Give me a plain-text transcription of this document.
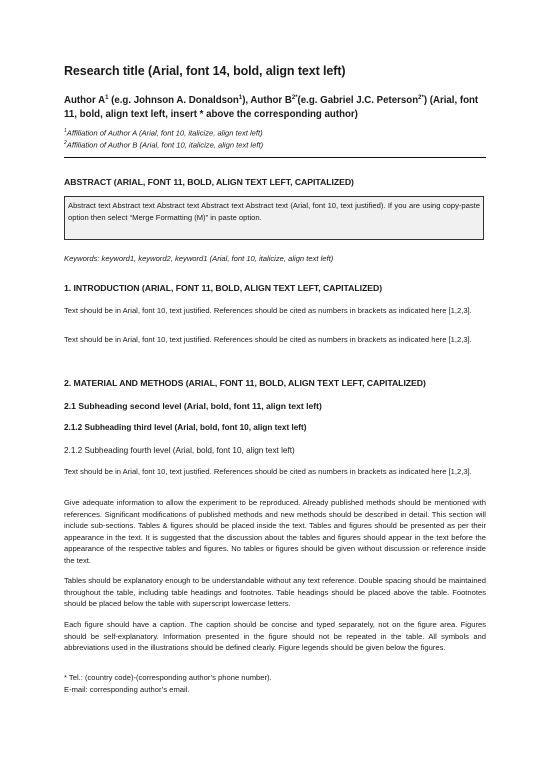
Research title (Arial, font 14, bold, align text left)
Author $A^1$ (e.g. Johnson A. Donaldson$^1$), Author $B^{2*}(e.g$. Gabriel J.C. Peterson$^{2*}$) (Arial, font 11, bold, align text left, insert * above the corresponding author)
$^1$Affiliation of Author A (Arial, font 10, italicize, align text left)
$^2$Affiliation of Author B (Arial, font 10, italicize, align text left)
ABSTRACT (ARIAL, FONT 11, BOLD, ALIGN TEXT LEFT, CAPITALIZED)
Abstract text Abstract text Abstract text Abstract text Abstract text (Arial, font 10, text justified). If you are using copy-paste option then select “Merge Formatting (M)” in paste option.
Keywords: keyword1, keyword2, keyword1 (Arial, font 10, italicize, align text left)
1. INTRODUCTION (ARIAL, FONT 11, BOLD, ALIGN TEXT LEFT, CAPITALIZED)
Text should be in Arial, font 10, text justified. References should be cited as numbers in brackets as indicated here [1,2,3].
Text should be in Arial, font 10, text justified. References should be cited as numbers in brackets as indicated here [1,2,3].
2. MATERIAL AND METHODS (ARIAL, FONT 11, BOLD, ALIGN TEXT LEFT, CAPITALIZED)
2.1 Subheading second level (Arial, bold, font 11, align text left)
2.1.2 Subheading third level (Arial, bold, font 10, align text left)
2.1.2 Subheading fourth level (Arial, bold, font 10, align text left)
Text should be in Arial, font 10, text justified. References should be cited as numbers in brackets as indicated here [1,2,3].
Give adequate information to allow the experiment to be reproduced. Already published methods should be mentioned with references. Significant modifications of published methods and new methods should be described in detail. This section will include sub-sections. Tables & figures should be placed inside the text. Tables and figures should be presented as per their appearance in the text. It is suggested that the discussion about the tables and figures should appear in the text before the appearance of the respective tables and figures. No tables or figures should be given without discussion or reference inside the text.
Tables should be explanatory enough to be understandable without any text reference. Double spacing should be maintained throughout the table, including table headings and footnotes. Table headings should be placed above the table. Footnotes should be placed below the table with superscript lowercase letters.
Each figure should have a caption. The caption should be concise and typed separately, not on the figure area. Figures should be self-explanatory. Information presented in the figure should not be repeated in the table. All symbols and abbreviations used in the illustrations should be defined clearly. Figure legends should be given below the figures.
* Tel.: (country code)-(corresponding author’s phone number).
E-mail: corresponding author’s email.
